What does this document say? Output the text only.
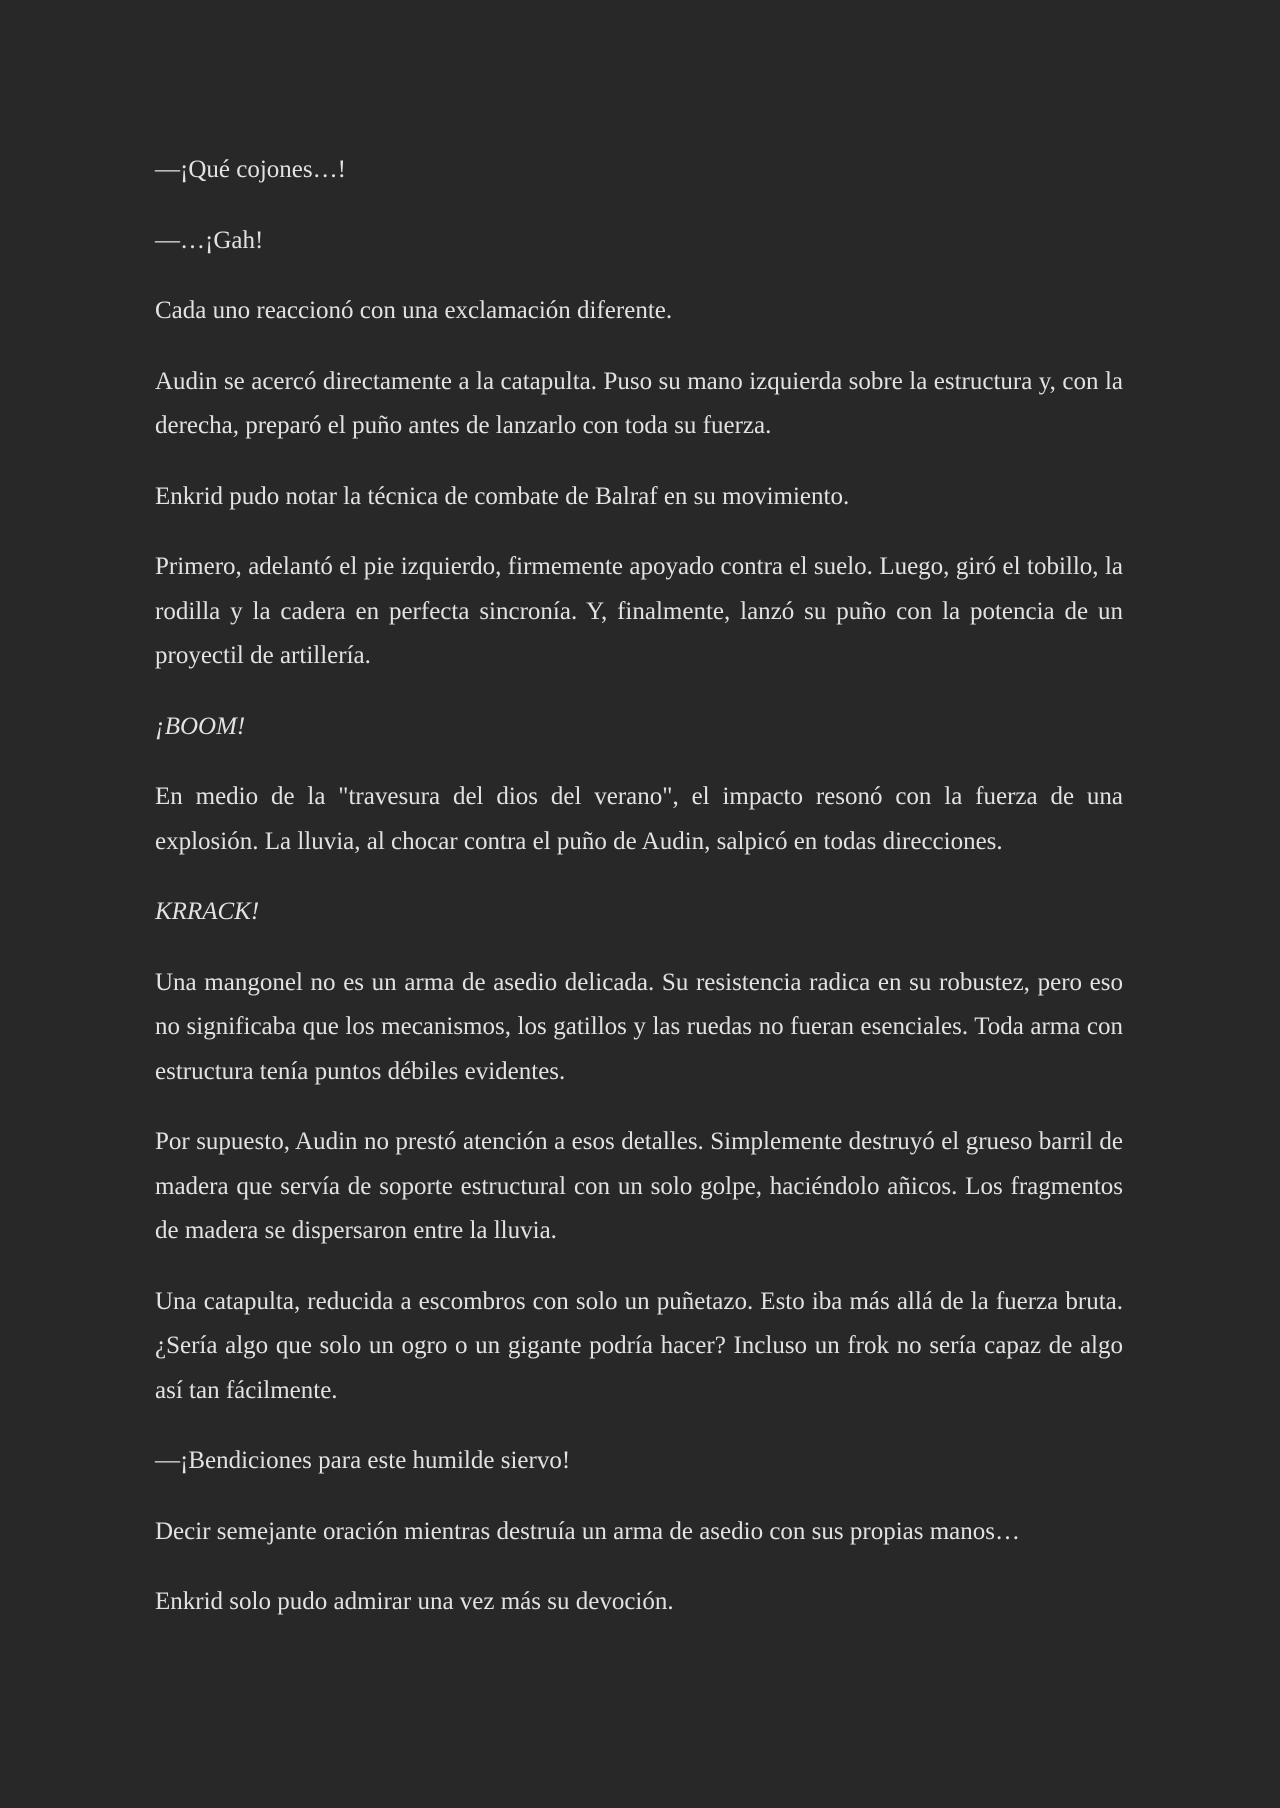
—¡Qué cojones…!

—…¡Gah!

Cada uno reaccionó con una exclamación diferente.

Audin se acercó directamente a la catapulta. Puso su mano izquierda sobre la estructura y, con la derecha, preparó el puño antes de lanzarlo con toda su fuerza.

Enkrid pudo notar la técnica de combate de Balraf en su movimiento.

Primero, adelantó el pie izquierdo, firmemente apoyado contra el suelo. Luego, giró el tobillo, la rodilla y la cadera en perfecta sincronía. Y, finalmente, lanzó su puño con la potencia de un proyectil de artillería.

¡BOOM!

En medio de la "travesura del dios del verano", el impacto resonó con la fuerza de una explosión. La lluvia, al chocar contra el puño de Audin, salpicó en todas direcciones.

KRRACK!

Una mangonel no es un arma de asedio delicada. Su resistencia radica en su robustez, pero eso no significaba que los mecanismos, los gatillos y las ruedas no fueran esenciales. Toda arma con estructura tenía puntos débiles evidentes.

Por supuesto, Audin no prestó atención a esos detalles. Simplemente destruyó el grueso barril de madera que servía de soporte estructural con un solo golpe, haciéndolo añicos. Los fragmentos de madera se dispersaron entre la lluvia.

Una catapulta, reducida a escombros con solo un puñetazo. Esto iba más allá de la fuerza bruta. ¿Sería algo que solo un ogro o un gigante podría hacer? Incluso un frok no sería capaz de algo así tan fácilmente.

—¡Bendiciones para este humilde siervo!

Decir semejante oración mientras destruía un arma de asedio con sus propias manos…

Enkrid solo pudo admirar una vez más su devoción.
